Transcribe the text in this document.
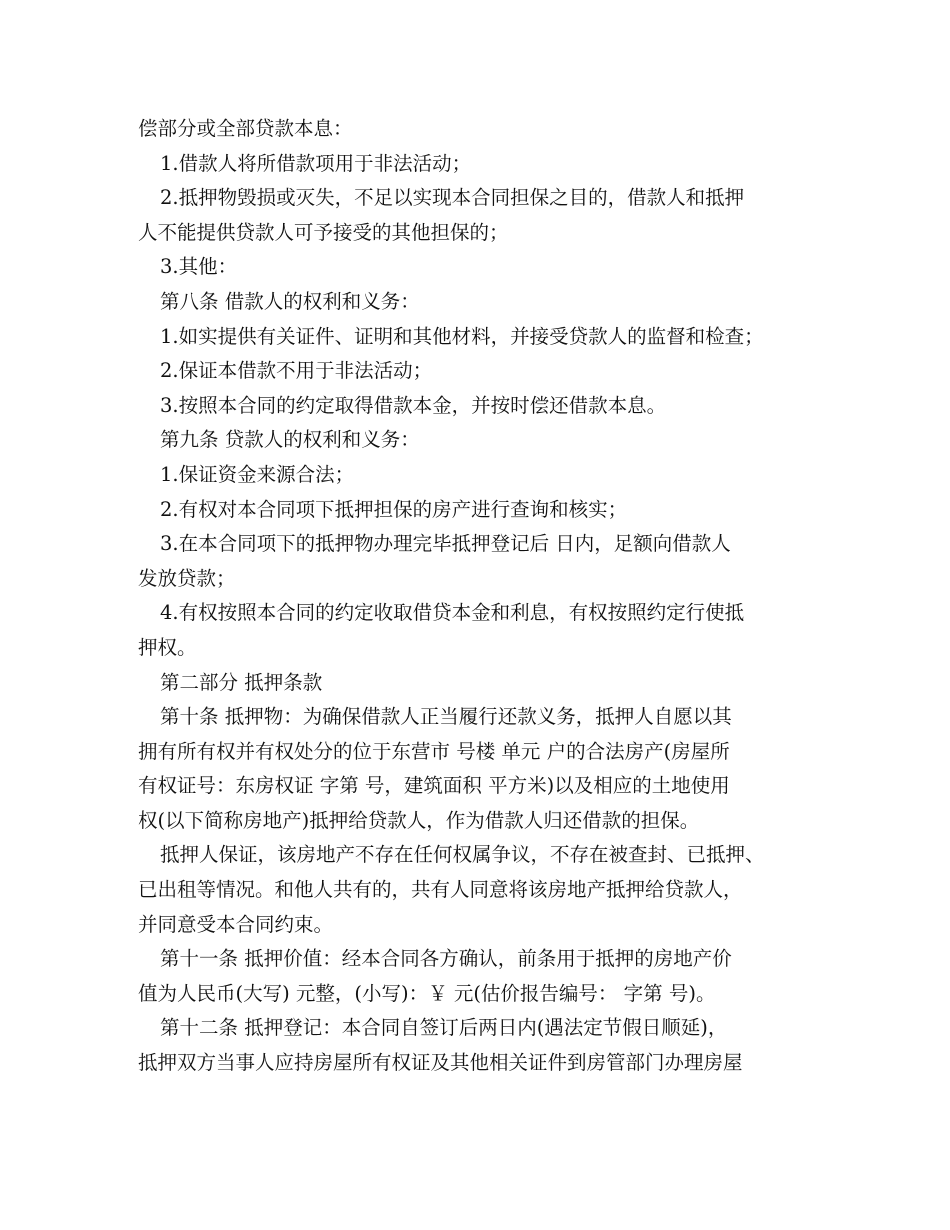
偿部分或全部贷款本息：
1.借款人将所借款项用于非法活动；
2.抵押物毁损或灭失，不足以实现本合同担保之目的，借款人和抵押
人不能提供贷款人可予接受的其他担保的；
3.其他：
第八条 借款人的权利和义务：
1.如实提供有关证件、证明和其他材料，并接受贷款人的监督和检查；
2.保证本借款不用于非法活动；
3.按照本合同的约定取得借款本金，并按时偿还借款本息。
第九条 贷款人的权利和义务：
1.保证资金来源合法；
2.有权对本合同项下抵押担保的房产进行查询和核实；
3.在本合同项下的抵押物办理完毕抵押登记后 日内，足额向借款人
发放贷款；
4.有权按照本合同的约定收取借贷本金和利息，有权按照约定行使抵
押权。
第二部分 抵押条款
第十条 抵押物：为确保借款人正当履行还款义务，抵押人自愿以其
拥有所有权并有权处分的位于东营市 号楼 单元 户的合法房产(房屋所
有权证号：东房权证 字第 号，建筑面积 平方米)以及相应的土地使用
权(以下简称房地产)抵押给贷款人，作为借款人归还借款的担保。
抵押人保证，该房地产不存在任何权属争议，不存在被查封、已抵押、
已出租等情况。和他人共有的，共有人同意将该房地产抵押给贷款人，
并同意受本合同约束。
第十一条 抵押价值：经本合同各方确认，前条用于抵押的房地产价
值为人民币(大写) 元整，(小写)：￥ 元(估价报告编号： 字第 号)。
第十二条 抵押登记：本合同自签订后两日内(遇法定节假日顺延)，
抵押双方当事人应持房屋所有权证及其他相关证件到房管部门办理房屋
